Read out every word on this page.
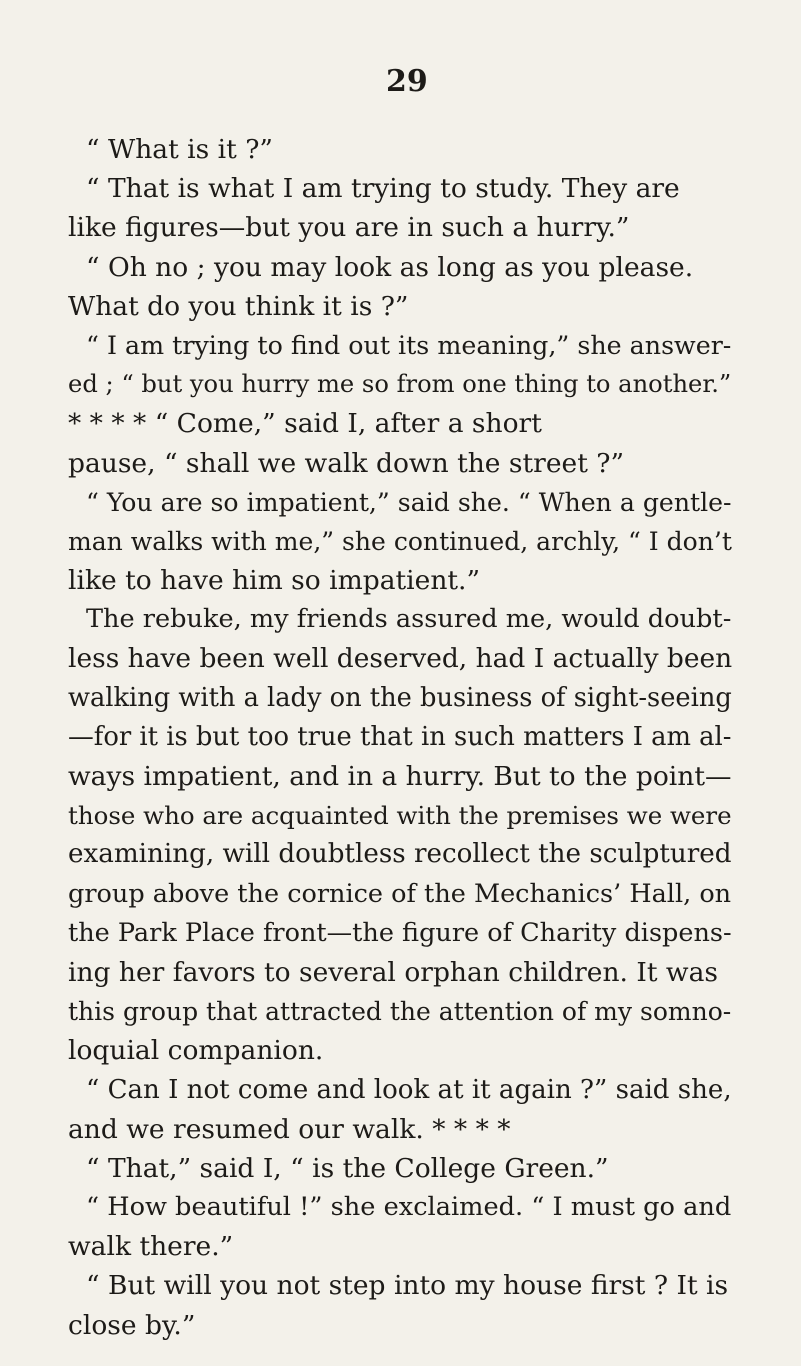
29
“ What is it ?”
“ That is what I am trying to study. They are
like figures—but you are in such a hurry.”
“ Oh no ; you may look as long as you please.
What do you think it is ?”
“ I am trying to find out its meaning,” she answer-
ed ; “ but you hurry me so from one thing to another.”
* * * * “ Come,” said I, after a short
pause, “ shall we walk down the street ?”
“ You are so impatient,” said she. “ When a gentle-
man walks with me,” she continued, archly, “ I don’t
like to have him so impatient.”
The rebuke, my friends assured me, would doubt-
less have been well deserved, had I actually been
walking with a lady on the business of sight-seeing
—for it is but too true that in such matters I am al-
ways impatient, and in a hurry. But to the point—
those who are acquainted with the premises we were
examining, will doubtless recollect the sculptured
group above the cornice of the Mechanics’ Hall, on
the Park Place front—the figure of Charity dispens-
ing her favors to several orphan children. It was
this group that attracted the attention of my somno-
loquial companion.
“ Can I not come and look at it again ?” said she,
and we resumed our walk. * * * *
“ That,” said I, “ is the College Green.”
“ How beautiful !” she exclaimed. “ I must go and
walk there.”
“ But will you not step into my house first ? It is
close by.”
